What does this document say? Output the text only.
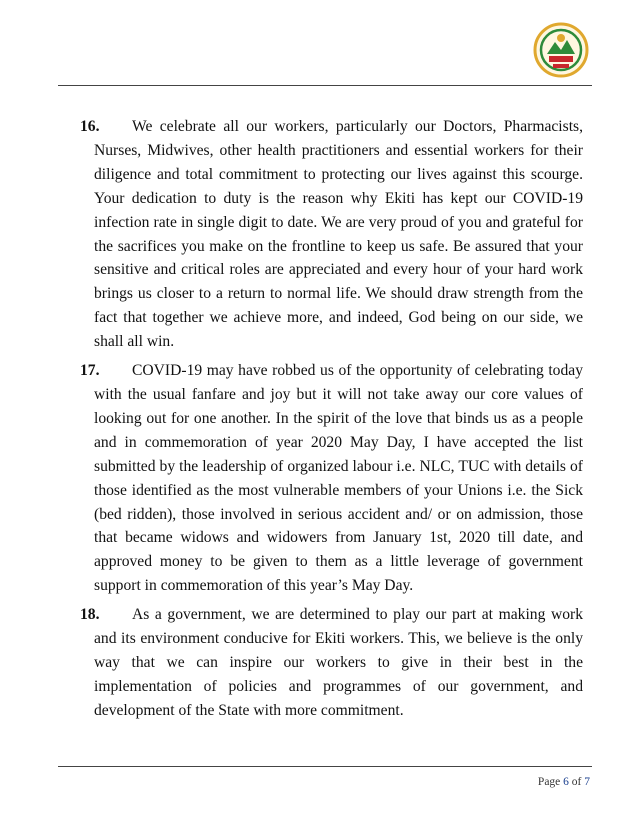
16. We celebrate all our workers, particularly our Doctors, Pharmacists, Nurses, Midwives, other health practitioners and essential workers for their diligence and total commitment to protecting our lives against this scourge. Your dedication to duty is the reason why Ekiti has kept our COVID-19 infection rate in single digit to date. We are very proud of you and grateful for the sacrifices you make on the frontline to keep us safe. Be assured that your sensitive and critical roles are appreciated and every hour of your hard work brings us closer to a return to normal life. We should draw strength from the fact that together we achieve more, and indeed, God being on our side, we shall all win.

17. COVID-19 may have robbed us of the opportunity of celebrating today with the usual fanfare and joy but it will not take away our core values of looking out for one another. In the spirit of the love that binds us as a people and in commemoration of year 2020 May Day, I have accepted the list submitted by the leadership of organized labour i.e. NLC, TUC with details of those identified as the most vulnerable members of your Unions i.e. the Sick (bed ridden), those involved in serious accident and/ or on admission, those that became widows and widowers from January 1st, 2020 till date, and approved money to be given to them as a little leverage of government support in commemoration of this year’s May Day.

18. As a government, we are determined to play our part at making work and its environment conducive for Ekiti workers. This, we believe is the only way that we can inspire our workers to give in their best in the implementation of policies and programmes of our government, and development of the State with more commitment.

Page 6 of 7
